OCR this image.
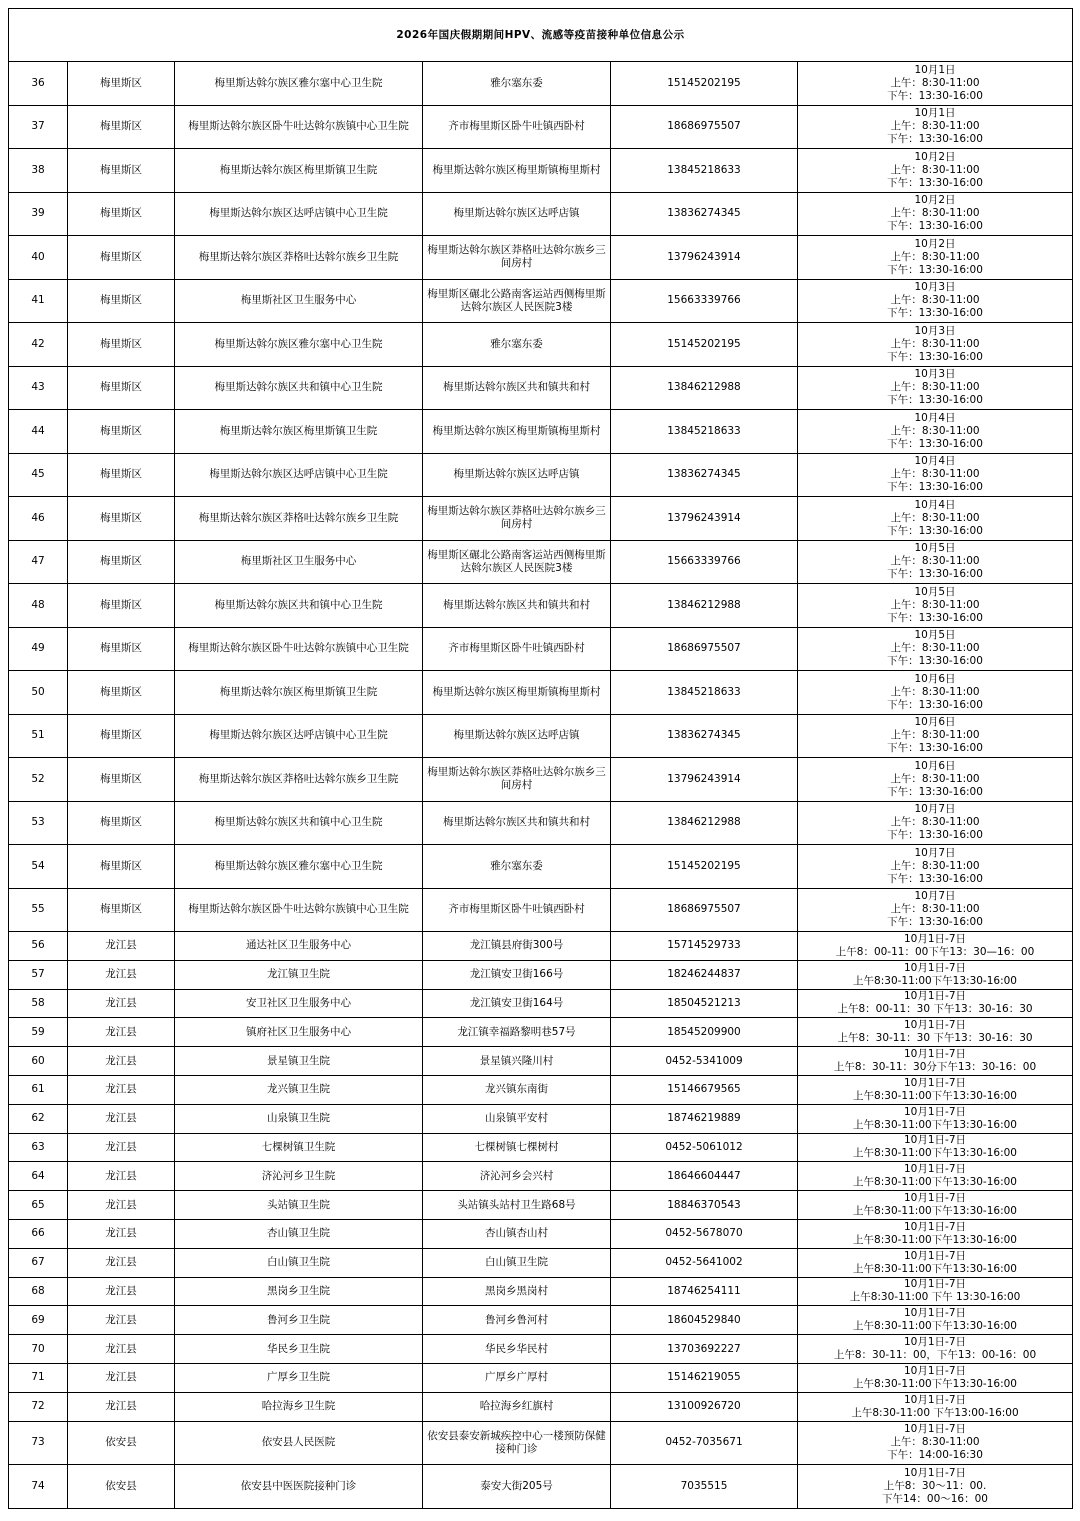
2026年国庆假期期间HPV、流感等疫苗接种单位信息公示					
36	梅里斯区	梅里斯达斡尔族区雅尔塞中心卫生院	雅尔塞东委	15145202195	10月1日
上午：8:30-11:00
下午：13:30-16:00

37	梅里斯区	梅里斯达斡尔族区卧牛吐达斡尔族镇中心卫生院	齐市梅里斯区卧牛吐镇西卧村	18686975507	10月1日
上午：8:30-11:00
下午：13:30-16:00

38	梅里斯区	梅里斯达斡尔族区梅里斯镇卫生院	梅里斯达斡尔族区梅里斯镇梅里斯村	13845218633	10月2日
上午：8:30-11:00
下午：13:30-16:00

39	梅里斯区	梅里斯达斡尔族区达呼店镇中心卫生院	梅里斯达斡尔族区达呼店镇	13836274345	10月2日
上午：8:30-11:00
下午：13:30-16:00

40	梅里斯区	梅里斯达斡尔族区莽格吐达斡尔族乡卫生院	梅里斯达斡尔族区莽格吐达斡尔族乡三间房村	13796243914	10月2日
上午：8:30-11:00
下午：13:30-16:00

41	梅里斯区	梅里斯社区卫生服务中心	梅里斯区碾北公路南客运站西侧梅里斯达斡尔族区人民医院3楼	15663339766	10月3日
上午：8:30-11:00
下午：13:30-16:00

42	梅里斯区	梅里斯达斡尔族区雅尔塞中心卫生院	雅尔塞东委	15145202195	10月3日
上午：8:30-11:00
下午：13:30-16:00

43	梅里斯区	梅里斯达斡尔族区共和镇中心卫生院	梅里斯达斡尔族区共和镇共和村	13846212988	10月3日
上午：8:30-11:00
下午：13:30-16:00

44	梅里斯区	梅里斯达斡尔族区梅里斯镇卫生院	梅里斯达斡尔族区梅里斯镇梅里斯村	13845218633	10月4日
上午：8:30-11:00
下午：13:30-16:00

45	梅里斯区	梅里斯达斡尔族区达呼店镇中心卫生院	梅里斯达斡尔族区达呼店镇	13836274345	10月4日
上午：8:30-11:00
下午：13:30-16:00

46	梅里斯区	梅里斯达斡尔族区莽格吐达斡尔族乡卫生院	梅里斯达斡尔族区莽格吐达斡尔族乡三间房村	13796243914	10月4日
上午：8:30-11:00
下午：13:30-16:00

47	梅里斯区	梅里斯社区卫生服务中心	梅里斯区碾北公路南客运站西侧梅里斯达斡尔族区人民医院3楼	15663339766	10月5日
上午：8:30-11:00
下午：13:30-16:00

48	梅里斯区	梅里斯达斡尔族区共和镇中心卫生院	梅里斯达斡尔族区共和镇共和村	13846212988	10月5日
上午：8:30-11:00
下午：13:30-16:00

49	梅里斯区	梅里斯达斡尔族区卧牛吐达斡尔族镇中心卫生院	齐市梅里斯区卧牛吐镇西卧村	18686975507	10月5日
上午：8:30-11:00
下午：13:30-16:00

50	梅里斯区	梅里斯达斡尔族区梅里斯镇卫生院	梅里斯达斡尔族区梅里斯镇梅里斯村	13845218633	10月6日
上午：8:30-11:00
下午：13:30-16:00

51	梅里斯区	梅里斯达斡尔族区达呼店镇中心卫生院	梅里斯达斡尔族区达呼店镇	13836274345	10月6日
上午：8:30-11:00
下午：13:30-16:00

52	梅里斯区	梅里斯达斡尔族区莽格吐达斡尔族乡卫生院	梅里斯达斡尔族区莽格吐达斡尔族乡三间房村	13796243914	10月6日
上午：8:30-11:00
下午：13:30-16:00

53	梅里斯区	梅里斯达斡尔族区共和镇中心卫生院	梅里斯达斡尔族区共和镇共和村	13846212988	10月7日
上午：8:30-11:00
下午：13:30-16:00

54	梅里斯区	梅里斯达斡尔族区雅尔塞中心卫生院	雅尔塞东委	15145202195	10月7日
上午：8:30-11:00
下午：13:30-16:00

55	梅里斯区	梅里斯达斡尔族区卧牛吐达斡尔族镇中心卫生院	齐市梅里斯区卧牛吐镇西卧村	18686975507	10月7日
上午：8:30-11:00
下午：13:30-16:00

56	龙江县	通达社区卫生服务中心	龙江镇县府街300号	15714529733	10月1日-7日
上午8：00-11：00下午13：30—16：00

57	龙江县	龙江镇卫生院	龙江镇安卫街166号	18246244837	10月1日-7日
上午8:30-11:00下午13:30-16:00

58	龙江县	安卫社区卫生服务中心	龙江镇安卫街164号	18504521213	10月1日-7日
上午8：00-11：30 下午13：30-16：30

59	龙江县	镇府社区卫生服务中心	龙江镇幸福路黎明巷57号	18545209900	10月1日-7日
上午8：30-11：30 下午13：30-16：30

60	龙江县	景星镇卫生院	景星镇兴隆川村	0452-5341009	10月1日-7日
上午8：30-11：30分下午13：30-16：00

61	龙江县	龙兴镇卫生院	龙兴镇东南街	15146679565	10月1日-7日
上午8:30-11:00下午13:30-16:00

62	龙江县	山泉镇卫生院	山泉镇平安村	18746219889	10月1日-7日
上午8:30-11:00下午13:30-16:00

63	龙江县	七棵树镇卫生院	七棵树镇七棵树村	0452-5061012	10月1日-7日
上午8:30-11:00下午13:30-16:00

64	龙江县	济沁河乡卫生院	济沁河乡会兴村	18646604447	10月1日-7日
上午8:30-11:00下午13:30-16:00

65	龙江县	头站镇卫生院	头站镇头站村卫生路68号	18846370543	10月1日-7日
上午8:30-11:00下午13:30-16:00

66	龙江县	杏山镇卫生院	杏山镇杏山村	0452-5678070	10月1日-7日
上午8:30-11:00下午13:30-16:00

67	龙江县	白山镇卫生院	白山镇卫生院	0452-5641002	10月1日-7日
上午8:30-11:00下午13:30-16:00

68	龙江县	黑岗乡卫生院	黑岗乡黑岗村	18746254111	10月1日-7日
上午8:30-11:00 下午 13:30-16:00

69	龙江县	鲁河乡卫生院	鲁河乡鲁河村	18604529840	10月1日-7日
上午8:30-11:00下午13:30-16:00

70	龙江县	华民乡卫生院	华民乡华民村	13703692227	10月1日-7日
上午8：30-11：00，下午13：00-16：00

71	龙江县	广厚乡卫生院	广厚乡广厚村	15146219055	10月1日-7日
上午8:30-11:00下午13:30-16:00

72	龙江县	哈拉海乡卫生院	哈拉海乡红旗村	13100926720	10月1日-7日
上午8:30-11:00 下午13:00-16:00

73	依安县	依安县人民医院	依安县泰安新城疾控中心一楼预防保健接种门诊	0452-7035671	10月1日-7日
上午：8:30-11:00
下午：14:00-16:30

74	依安县	依安县中医医院接种门诊	泰安大街205号	7035515	10月1日-7日
上午8：30～11：00.
下午14：00～16：00
